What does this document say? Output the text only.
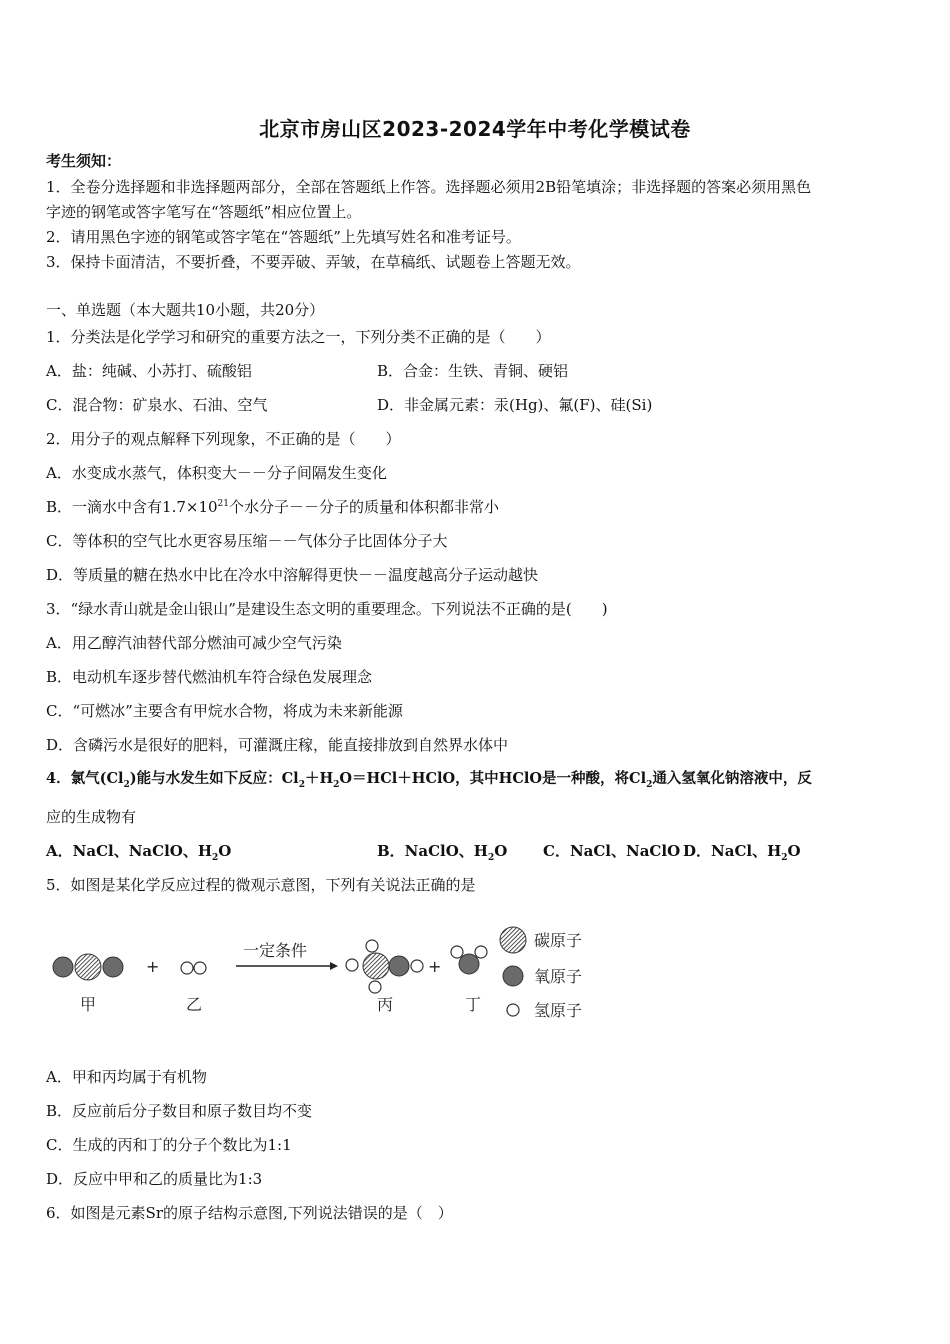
北京市房山区2023-2024学年中考化学模试卷
考生须知：
1．全卷分选择题和非选择题两部分，全部在答题纸上作答。选择题必须用2B铅笔填涂；非选择题的答案必须用黑色
字迹的钢笔或答字笔写在“答题纸”相应位置上。
2．请用黑色字迹的钢笔或答字笔在“答题纸”上先填写姓名和准考证号。
3．保持卡面清洁，不要折叠，不要弄破、弄皱，在草稿纸、试题卷上答题无效。
一、单选题（本大题共10小题，共20分）
1．分类法是化学学习和研究的重要方法之一，下列分类不正确的是（　　）
A．盐：纯碱、小苏打、硫酸铝	B．合金：生铁、青铜、硬铝
C．混合物：矿泉水、石油、空气	D．非金属元素：汞(Hg)、氟(F)、硅(Si)
2．用分子的观点解释下列现象，不正确的是（　　）
A．水变成水蒸气，体积变大－－分子间隔发生变化
B．一滴水中含有$1.7\times 10^{21}$个水分子－－分子的质量和体积都非常小
C．等体积的空气比水更容易压缩－－气体分子比固体分子大
D．等质量的糖在热水中比在冷水中溶解得更快－－温度越高分子运动越快
3．“绿水青山就是金山银山”是建设生态文明的重要理念。下列说法不正确的是(　　)
A．用乙醇汽油替代部分燃油可减少空气污染
B．电动机车逐步替代燃油机车符合绿色发展理念
C．“可燃冰”主要含有甲烷水合物，将成为未来新能源
D．含磷污水是很好的肥料，可灌溉庄稼，能直接排放到自然界水体中
4．氯气$(Cl_2)$能与水发生如下反应：$Cl_2+H_2O=HCl+HClO$，其中HClO是一种酸，将$Cl_2$通入氢氧化钠溶液中，反
应的生成物有
A．NaCl、NaClO、$H_2O$	B．NaClO、$H_2O$ C．NaCl、NaClO D．NaCl、$H_2O$
5．如图是某化学反应过程的微观示意图，下列有关说法正确的是
+
一定条件
+
甲	乙	丙	丁
碳原子
氧原子
氢原子
A．甲和丙均属于有机物
B．反应前后分子数目和原子数目均不变
C．生成的丙和丁的分子个数比为1:1
D．反应中甲和乙的质量比为1:3
6．如图是元素Sr的原子结构示意图,下列说法错误的是（　）
